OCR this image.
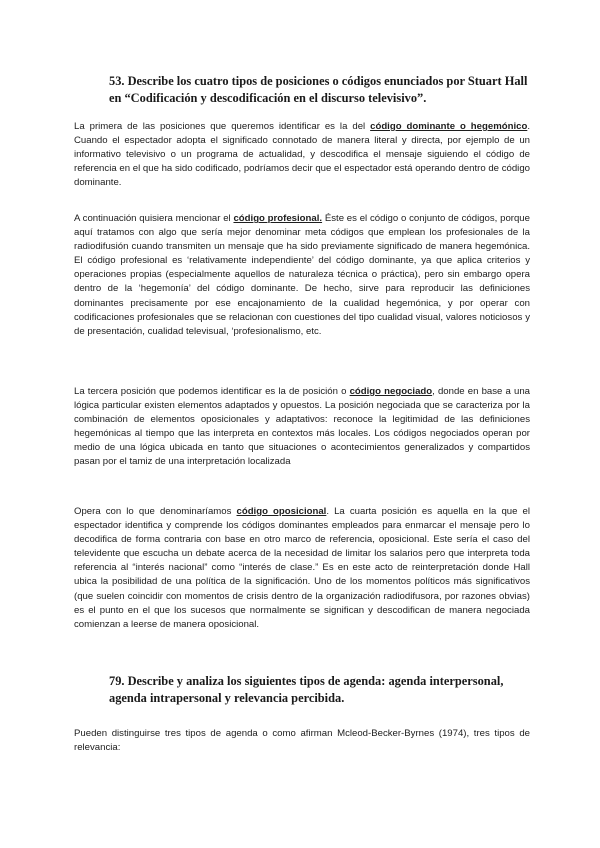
53. Describe los cuatro tipos de posiciones o códigos enunciados por Stuart Hall en “Codificación y descodificación en el discurso televisivo”.

La primera de las posiciones que queremos identificar es la del código dominante o hegemónico. Cuando el espectador adopta el significado connotado de manera literal y directa, por ejemplo de un informativo televisivo o un programa de actualidad, y descodifica el mensaje siguiendo el código de referencia en el que ha sido codificado, podríamos decir que el espectador está operando dentro de código dominante.

A continuación quisiera mencionar el código profesional. Éste es el código o conjunto de códigos, porque aquí tratamos con algo que sería mejor denominar meta códigos que emplean los profesionales de la radiodifusión cuando transmiten un mensaje que ha sido previamente significado de manera hegemónica. El código profesional es ‘relativamente independiente’ del código dominante, ya que aplica criterios y operaciones propias (especialmente aquellos de naturaleza técnica o práctica), pero sin embargo opera dentro de la ‘hegemonía’ del código dominante. De hecho, sirve para reproducir las definiciones dominantes precisamente por ese encajonamiento de la cualidad hegemónica, y por operar con codificaciones profesionales que se relacionan con cuestiones del tipo cualidad visual, valores noticiosos y de presentación, cualidad televisual, ‘profesionalismo, etc.

La tercera posición que podemos identificar es la de posición o código negociado, donde en base a una lógica particular existen elementos adaptados y opuestos. La posición negociada que se caracteriza por la combinación de elementos oposicionales y adaptativos: reconoce la legitimidad de las definiciones hegemónicas al tiempo que las interpreta en contextos más locales. Los códigos negociados operan por medio de una lógica ubicada en tanto que situaciones o acontecimientos generalizados y compartidos pasan por el tamiz de una interpretación localizada

Opera con lo que denominaríamos código oposicional. La cuarta posición es aquella en la que el espectador identifica y comprende los códigos dominantes empleados para enmarcar el mensaje pero lo decodifica de forma contraria con base en otro marco de referencia, oposicional. Este sería el caso del televidente que escucha un debate acerca de la necesidad de limitar los salarios pero que interpreta toda referencia al “interés nacional” como “interés de clase.” Es en este acto de reinterpretación donde Hall ubica la posibilidad de una política de la significación. Uno de los momentos políticos más significativos (que suelen coincidir con momentos de crisis dentro de la organización radiodifusora, por razones obvias) es el punto en el que los sucesos que normalmente se significan y descodifican de manera negociada comienzan a leerse de manera oposicional.

79. Describe y analiza los siguientes tipos de agenda: agenda interpersonal, agenda intrapersonal y relevancia percibida.

Pueden distinguirse tres tipos de agenda o como afirman Mcleod-Becker-Byrnes (1974), tres tipos de relevancia:
